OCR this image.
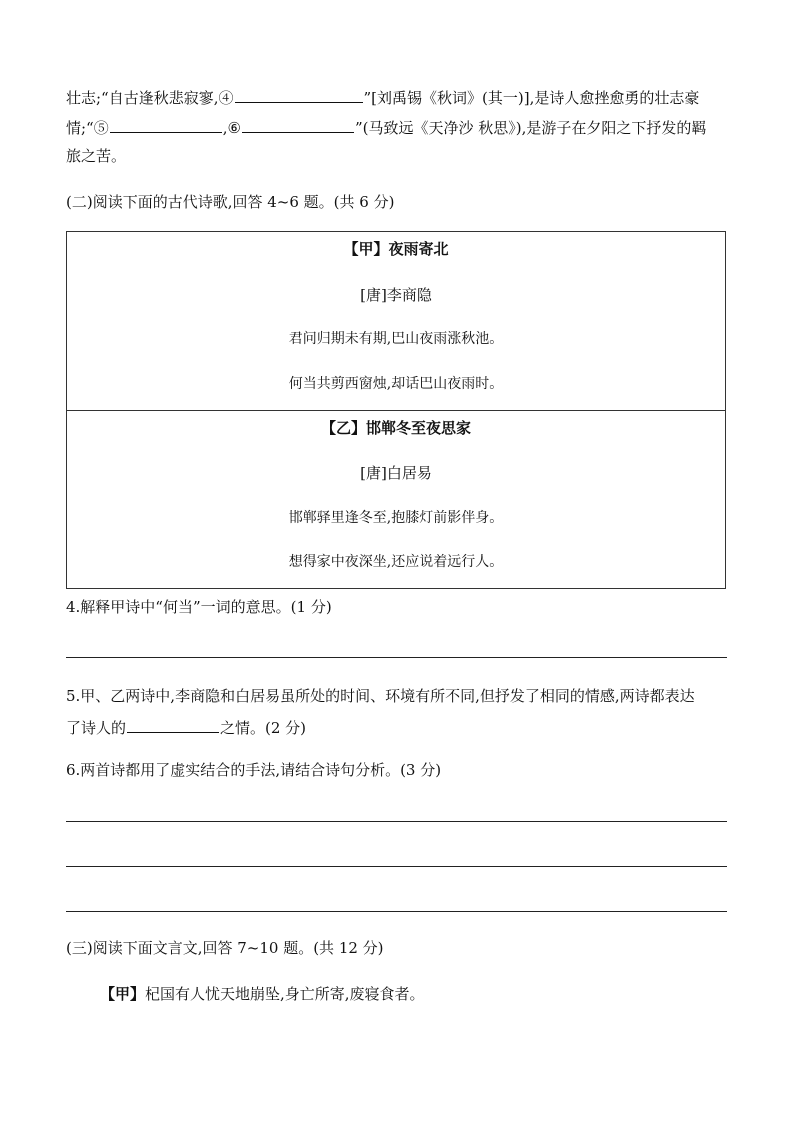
壮志;“自古逢秋悲寂寥,④	”[刘禹锡《秋词》(其一)],是诗人愈挫愈勇的壮志豪
情;“⑤	,⑥	”(马致远《天净沙 秋思》),是游子在夕阳之下抒发的羁
旅之苦。
(二)阅读下面的古代诗歌,回答 4~6 题。(共 6 分)
【甲】夜雨寄北
[唐]李商隐
君问归期未有期,巴山夜雨涨秋池。
何当共剪西窗烛,却话巴山夜雨时。
【乙】邯郸冬至夜思家
[唐]白居易
邯郸驿里逢冬至,抱膝灯前影伴身。
想得家中夜深坐,还应说着远行人。
4.解释甲诗中“何当”一词的意思。(1 分)
5.甲、乙两诗中,李商隐和白居易虽所处的时间、环境有所不同,但抒发了相同的情感,两诗都表达
了诗人的	之情。(2 分)
6.两首诗都用了虚实结合的手法,请结合诗句分析。(3 分)
(三)阅读下面文言文,回答 7~10 题。(共 12 分)
【甲】杞国有人忧天地崩坠,身亡所寄,废寝食者。
